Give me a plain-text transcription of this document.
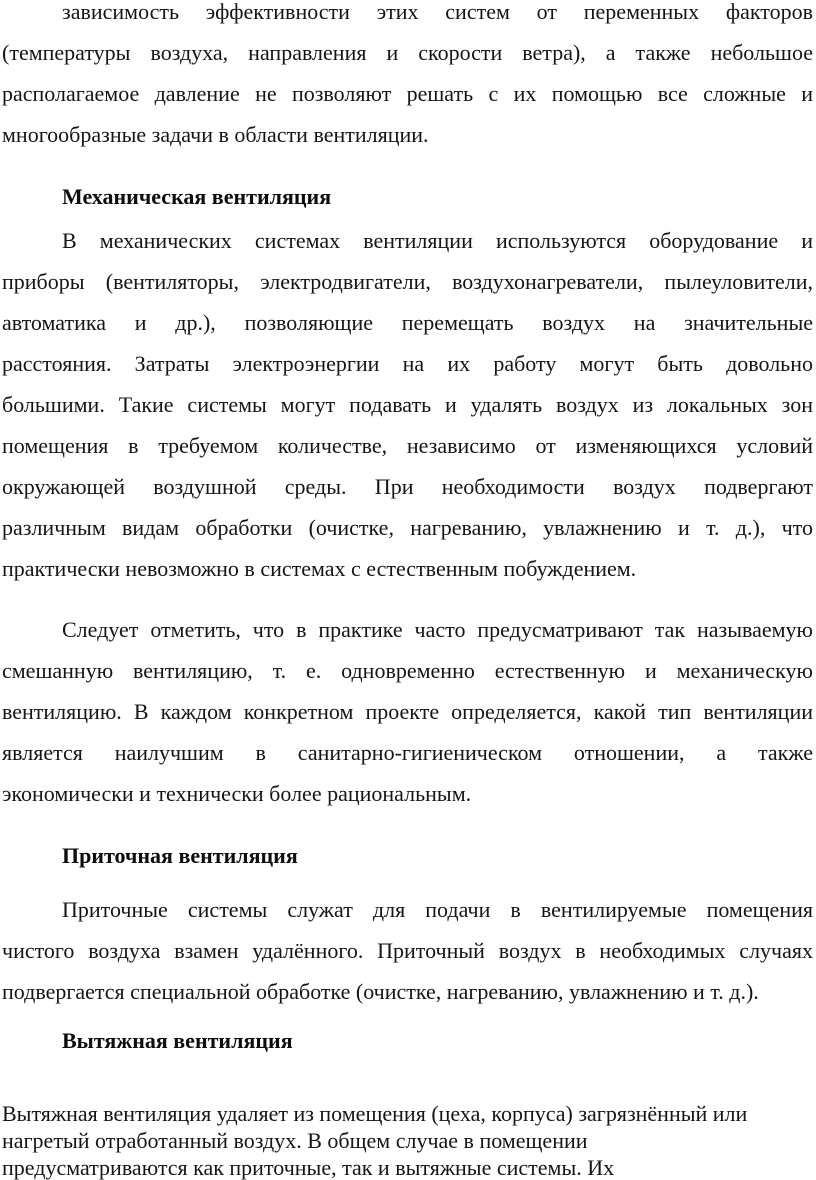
зависимость эффективности этих систем от переменных факторов
(температуры воздуха, направления и скорости ветра), а также небольшое
располагаемое давление не позволяют решать с их помощью все сложные и
многообразные задачи в области вентиляции.
Механическая вентиляция
В механических системах вентиляции используются оборудование и
приборы (вентиляторы, электродвигатели, воздухонагреватели, пылеуловители,
автоматика и др.), позволяющие перемещать воздух на значительные
расстояния. Затраты электроэнергии на их работу могут быть довольно
большими. Такие системы могут подавать и удалять воздух из локальных зон
помещения в требуемом количестве, независимо от изменяющихся условий
окружающей воздушной среды. При необходимости воздух подвергают
различным видам обработки (очистке, нагреванию, увлажнению и т. д.), что
практически невозможно в системах с естественным побуждением.
Следует отметить, что в практике часто предусматривают так называемую
смешанную вентиляцию, т. е. одновременно естественную и механическую
вентиляцию. В каждом конкретном проекте определяется, какой тип вентиляции
является наилучшим в санитарно-гигиеническом отношении, а также
экономически и технически более рациональным.
Приточная вентиляция
Приточные системы служат для подачи в вентилируемые помещения
чистого воздуха взамен удалённого. Приточный воздух в необходимых случаях
подвергается специальной обработке (очистке, нагреванию, увлажнению и т. д.).
Вытяжная вентиляция
Вытяжная вентиляция удаляет из помещения (цеха, корпуса) загрязнённый или
нагретый отработанный воздух. В общем случае в помещении
предусматриваются как приточные, так и вытяжные системы. Их
